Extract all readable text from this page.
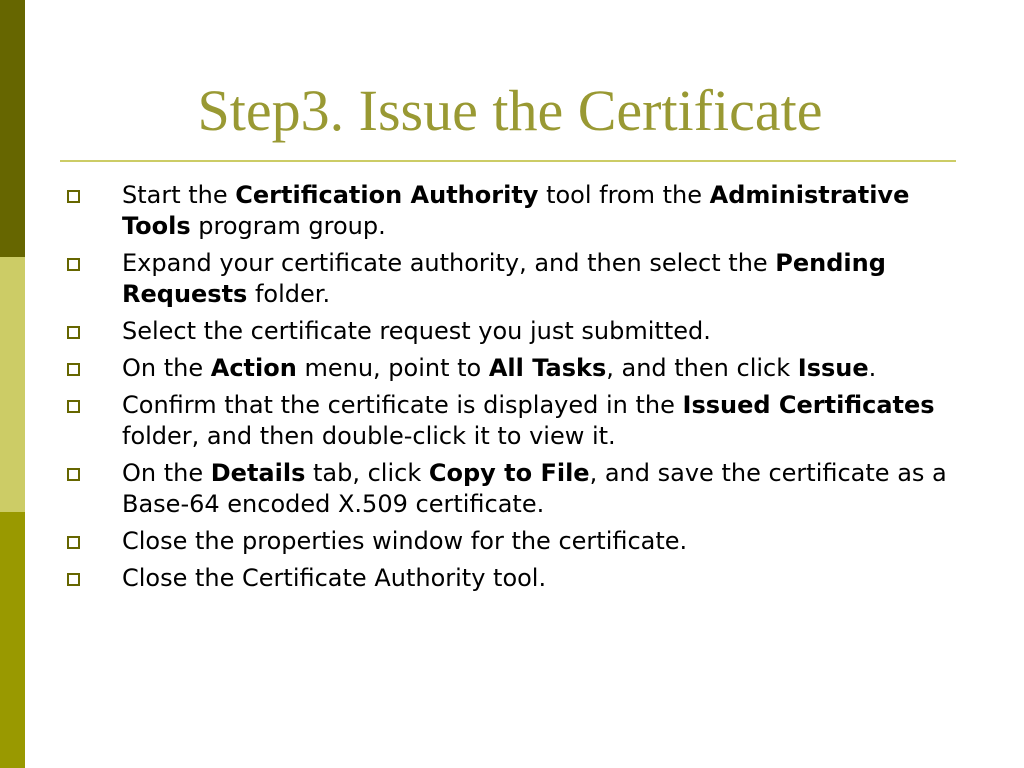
Step3. Issue the Certificate
Start the Certification Authority tool from the Administrative Tools program group.
Expand your certificate authority, and then select the Pending Requests folder.
Select the certificate request you just submitted.
On the Action menu, point to All Tasks, and then click Issue.
Confirm that the certificate is displayed in the Issued Certificates folder, and then double-click it to view it.
On the Details tab, click Copy to File, and save the certificate as a Base-64 encoded X.509 certificate.
Close the properties window for the certificate.
Close the Certificate Authority tool.
